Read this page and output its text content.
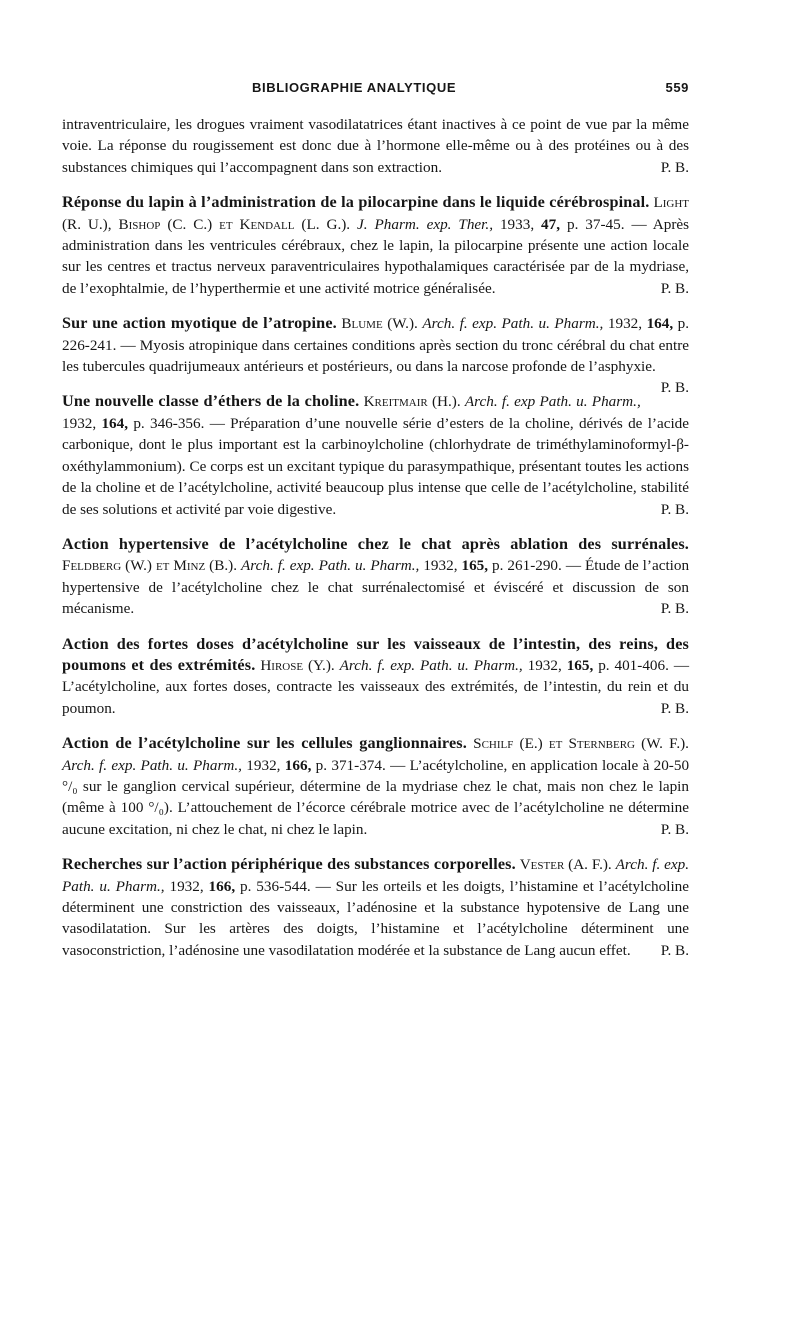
BIBLIOGRAPHIE ANALYTIQUE	559

intraventriculaire, les drogues vraiment vasodilatatrices étant inactives à ce point de vue par la même voie. La réponse du rougissement est donc due à l’hormone elle-même ou à des protéines ou à des substances chimiques qui l’accompagnent dans son extraction.	P. B.

Réponse du lapin à l’administration de la pilocarpine dans le liquide cérébrospinal. Light (R. U.), Bishop (C. C.) et Kendall (L. G.). J. Pharm. exp. Ther., 1933, 47, p. 37-45. — Après administration dans les ventricules cérébraux, chez le lapin, la pilocarpine présente une action locale sur les centres et tractus nerveux paraventriculaires hypothalamiques caractérisée par de la mydriase, de l’exophtalmie, de l’hyperthermie et une activité motrice généralisée.	P. B.

Sur une action myotique de l’atropine. Blume (W.). Arch. f. exp. Path. u. Pharm., 1932, 164, p. 226-241. — Myosis atropinique dans certaines conditions après section du tronc cérébral du chat entre les tubercules quadrijumeaux antérieurs et postérieurs, ou dans la narcose profonde de l’asphyxie.
P. B.

Une nouvelle classe d’éthers de la choline. Kreitmair (H.). Arch. f. exp Path. u. Pharm., 1932, 164, p. 346-356. — Préparation d’une nouvelle série d’esters de la choline, dérivés de l’acide carbonique, dont le plus important est la carbinoylcholine (chlorhydrate de triméthylaminoformyl-β-oxéthylammonium). Ce corps est un excitant typique du parasympathique, présentant toutes les actions de la choline et de l’acétylcholine, activité beaucoup plus intense que celle de l’acétylcholine, stabilité de ses solutions et activité par voie digestive.	P. B.

Action hypertensive de l’acétylcholine chez le chat après ablation des surrénales. Feldberg (W.) et Minz (B.). Arch. f. exp. Path. u. Pharm., 1932, 165, p. 261-290. — Étude de l’action hypertensive de l’acétylcholine chez le chat surrénalectomisé et éviscéré et discussion de son mécanisme.	P. B.

Action des fortes doses d’acétylcholine sur les vaisseaux de l’intestin, des reins, des poumons et des extrémités. Hirose (Y.). Arch. f. exp. Path. u. Pharm., 1932, 165, p. 401-406. — L’acétylcholine, aux fortes doses, contracte les vaisseaux des extrémités, de l’intestin, du rein et du poumon.	P. B.

Action de l’acétylcholine sur les cellules ganglionnaires. Schilf (E.) et Sternberg (W. F.). Arch. f. exp. Path. u. Pharm., 1932, 166, p. 371-374. — L’acétylcholine, en application locale à 20-50 °/₀ sur le ganglion cervical supérieur, détermine de la mydriase chez le chat, mais non chez le lapin (même à 100 °/₀). L’attouchement de l’écorce cérébrale motrice avec de l’acétylcholine ne détermine aucune excitation, ni chez le chat, ni chez le lapin.	P. B.

Recherches sur l’action périphérique des substances corporelles. Vester (A. F.). Arch. f. exp. Path. u. Pharm., 1932, 166, p. 536-544. — Sur les orteils et les doigts, l’histamine et l’acétylcholine déterminent une constriction des vaisseaux, l’adénosine et la substance hypotensive de Lang une vasodilatation. Sur les artères des doigts, l’histamine et l’acétylcholine déterminent une vasoconstriction, l’adénosine une vasodilatation modérée et la substance de Lang aucun effet. P. B.
